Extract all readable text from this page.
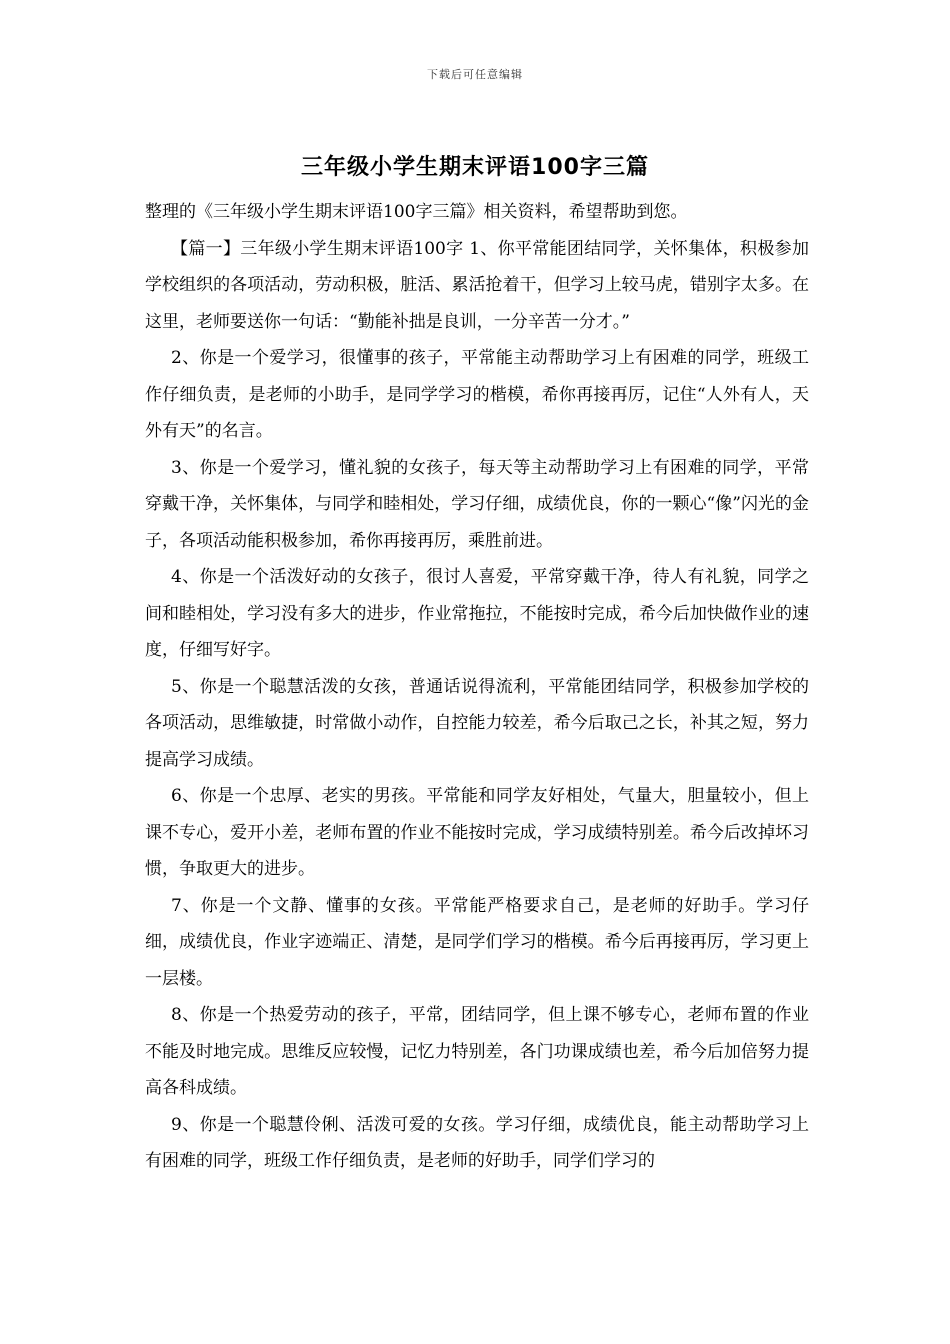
下载后可任意编辑
三年级小学生期末评语100字三篇

整理的《三年级小学生期末评语100字三篇》相关资料，希望帮助到您。

【篇一】三年级小学生期末评语100字 1、你平常能团结同学，关怀集体，积极参加学校组织的各项活动，劳动积极，脏活、累活抢着干，但学习上较马虎，错别字太多。在这里，老师要送你一句话：“勤能补拙是良训，一分辛苦一分才。”

2、你是一个爱学习，很懂事的孩子，平常能主动帮助学习上有困难的同学，班级工作仔细负责，是老师的小助手，是同学学习的楷模，希你再接再厉，记住“人外有人，天外有天”的名言。

3、你是一个爱学习，懂礼貌的女孩子，每天等主动帮助学习上有困难的同学，平常穿戴干净，关怀集体，与同学和睦相处，学习仔细，成绩优良，你的一颗心“像”闪光的金子，各项活动能积极参加，希你再接再厉，乘胜前进。

4、你是一个活泼好动的女孩子，很讨人喜爱，平常穿戴干净，待人有礼貌，同学之间和睦相处，学习没有多大的进步，作业常拖拉，不能按时完成，希今后加快做作业的速度，仔细写好字。

5、你是一个聪慧活泼的女孩，普通话说得流利，平常能团结同学，积极参加学校的各项活动，思维敏捷，时常做小动作，自控能力较差，希今后取己之长，补其之短，努力提高学习成绩。

6、你是一个忠厚、老实的男孩。平常能和同学友好相处，气量大，胆量较小，但上课不专心，爱开小差，老师布置的作业不能按时完成，学习成绩特别差。希今后改掉坏习惯，争取更大的进步。

7、你是一个文静、懂事的女孩。平常能严格要求自己，是老师的好助手。学习仔细，成绩优良，作业字迹端正、清楚，是同学们学习的楷模。希今后再接再厉，学习更上一层楼。

8、你是一个热爱劳动的孩子，平常，团结同学，但上课不够专心，老师布置的作业不能及时地完成。思维反应较慢，记忆力特别差，各门功课成绩也差，希今后加倍努力提高各科成绩。

9、你是一个聪慧伶俐、活泼可爱的女孩。学习仔细，成绩优良，能主动帮助学习上有困难的同学，班级工作仔细负责，是老师的好助手，同学们学习的
